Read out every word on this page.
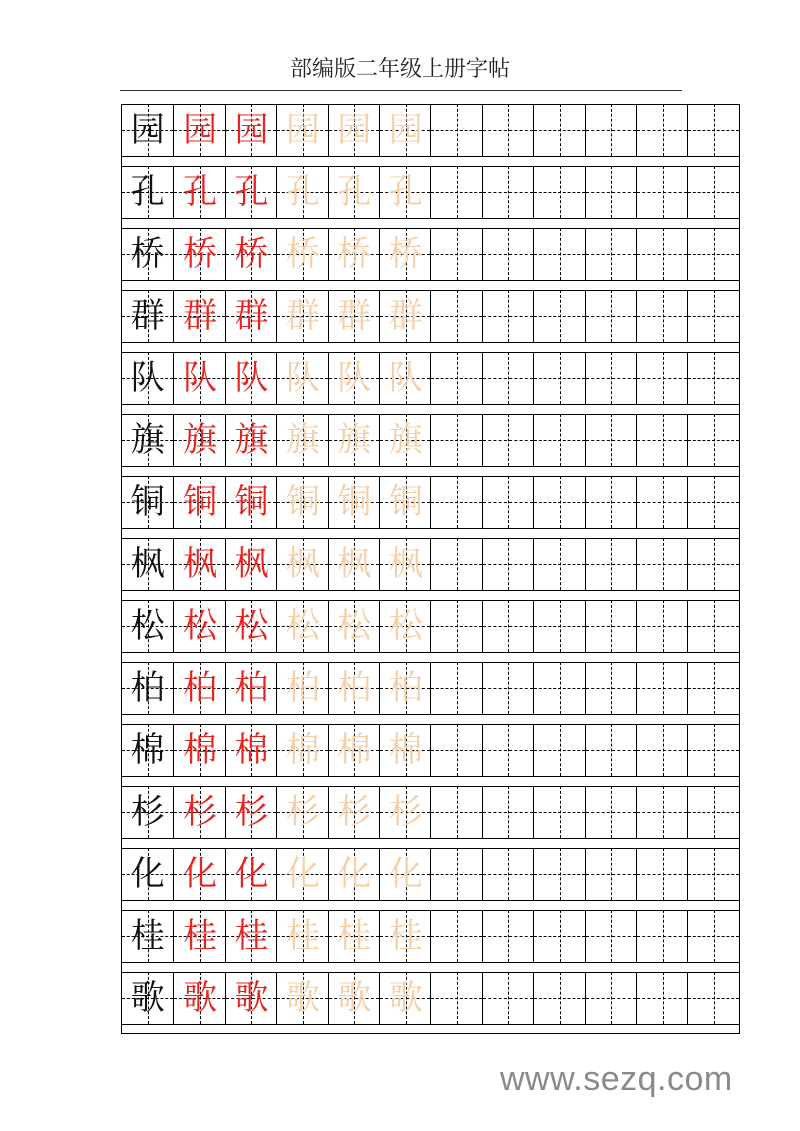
部编版二年级上册字帖
园 园 园 园 园 园
孔 孔 孔 孔 孔 孔
桥 桥 桥 桥 桥 桥
群 群 群 群 群 群
队 队 队 队 队 队
旗 旗 旗 旗 旗 旗
铜 铜 铜 铜 铜 铜
枫 枫 枫 枫 枫 枫
松 松 松 松 松 松
柏 柏 柏 柏 柏 柏
棉 棉 棉 棉 棉 棉
杉 杉 杉 杉 杉 杉
化 化 化 化 化 化
桂 桂 桂 桂 桂 桂
歌 歌 歌 歌 歌 歌
www.sezq.com
